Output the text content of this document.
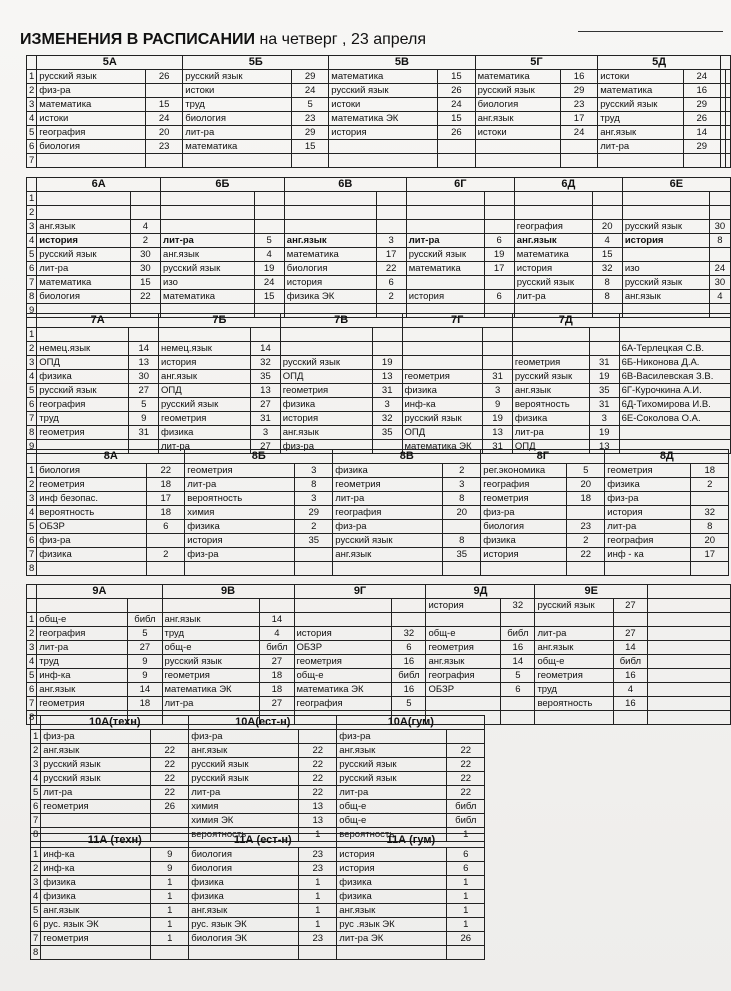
ИЗМЕНЕНИЯ В РАСПИСАНИИ на четверг , 23 апреля
	5А		5Б		5В		5Г		5Д			
1	русский язык	26	русский язык	29	математика	15	математика	16	истоки	24		
2	физ-ра		истоки	24	русский язык	26	русский язык	29	математика	16		
3	математика	15	труд	5	истоки	24	биология	23	русский язык	29		
4	истоки	24	биология	23	математика ЭК	15	анг.язык	17	труд	26		
5	география	20	лит-ра	29	история	26	истоки	24	анг.язык	14		
6	биология	23	математика	15					лит-ра	29		
7												
	6А		6Б		6В		6Г		6Д		6Е	
1												
2												
3	анг.язык	4							география	20	русский язык	30
4	история	2	лит-ра	5	анг.язык	3	лит-ра	6	анг.язык	4	история	8
5	русский язык	30	анг.язык	4	математика	17	русский язык	19	математика	15		
6	лит-ра	30	русский язык	19	биология	22	математика	17	история	32	изо	24
7	математика	15	изо	24	история	6			русский язык	8	русский язык	30
8	биология	22	математика	15	физика ЭК	2	история	6	лит-ра	8	анг.язык	4
9												
	7А		7Б		7В		7Г		7Д		
1											
2	немец.язык	14	немец.язык	14							6А-Терлецкая С.В.
3	ОПД	13	история	32	русский язык	19			геометрия	31	6Б-Никонова Д.А.
4	физика	30	анг.язык	35	ОПД	13	геометрия	31	русский язык	19	6В-Василевская З.В.
5	русский язык	27	ОПД	13	геометрия	31	физика	3	анг.язык	35	6Г-Курочкина А.И.
6	география	5	русский язык	27	физика	3	инф-ка	9	вероятность	31	6Д-Тихомирова И.В.
7	труд	9	геометрия	31	история	32	русский язык	19	физика	3	6Е-Соколова О.А.
8	геометрия	31	физика	3	анг.язык	35	ОПД	13	лит-ра	19	
9			лит-ра	27	физ-ра		математика ЭК	31	ОПД	13	
	8А		8Б		8В		8Г		8Д	
1	биология	22	геометрия	3	физика	2	рег.экономика	5	геометрия	18
2	геометрия	18	лит-ра	8	геометрия	3	география	20	физика	2
3	инф безопас.	17	вероятность	3	лит-ра	8	геометрия	18	физ-ра	
4	вероятность	18	химия	29	география	20	физ-ра		история	32
5	ОБЗР	6	физика	2	физ-ра		биология	23	лит-ра	8
6	физ-ра		история	35	русский язык	8	физика	2	география	20
7	физика	2	физ-ра		анг.язык	35	история	22	инф - ка	17
8										
	9А		9В		9Г		9Д		9Е		
							история	32	русский язык	27	
1	общ-е	библ	анг.язык	14							
2	география	5	труд	4	история	32	общ-е	библ	лит-ра	27	
3	лит-ра	27	общ-е	библ	ОБЗР	6	геометрия	16	анг.язык	14	
4	труд	9	русский язык	27	геометрия	16	анг.язык	14	общ-е	библ	
5	инф-ка	9	геометрия	18	общ-е	библ	география	5	геометрия	16	
6	анг.язык	14	математика ЭК	18	математика ЭК	16	ОБЗР	6	труд	4	
7	геометрия	18	лит-ра	27	география	5			вероятность	16	
8											
		10А(техн)		10А(ест-н)		10А(гум)	
1	физ-ра		физ-ра		физ-ра	
2	анг.язык	22	анг.язык	22	анг.язык	22
3	русский язык	22	русский язык	22	русский язык	22
4	русский язык	22	русский язык	22	русский язык	22
5	лит-ра	22	лит-ра	22	лит-ра	22
6	геометрия	26	химия	13	общ-е	библ
7			химия ЭК	13	общ-е	библ
8			вероятность	1	вероятность	1
	11А (техн)		11А (ест-н)		11А (гум)	
1	инф-ка	9	биология	23	история	6
2	инф-ка	9	биология	23	история	6
3	физика	1	физика	1	физика	1
4	физика	1	физика	1	физика	1
5	анг.язык	1	анг.язык	1	анг.язык	1
6	рус. язык ЭК	1	рус. язык ЭК	1	рус .язык ЭК	1
7	геометрия	1	биология ЭК	23	лит-ра ЭК	26
8						
